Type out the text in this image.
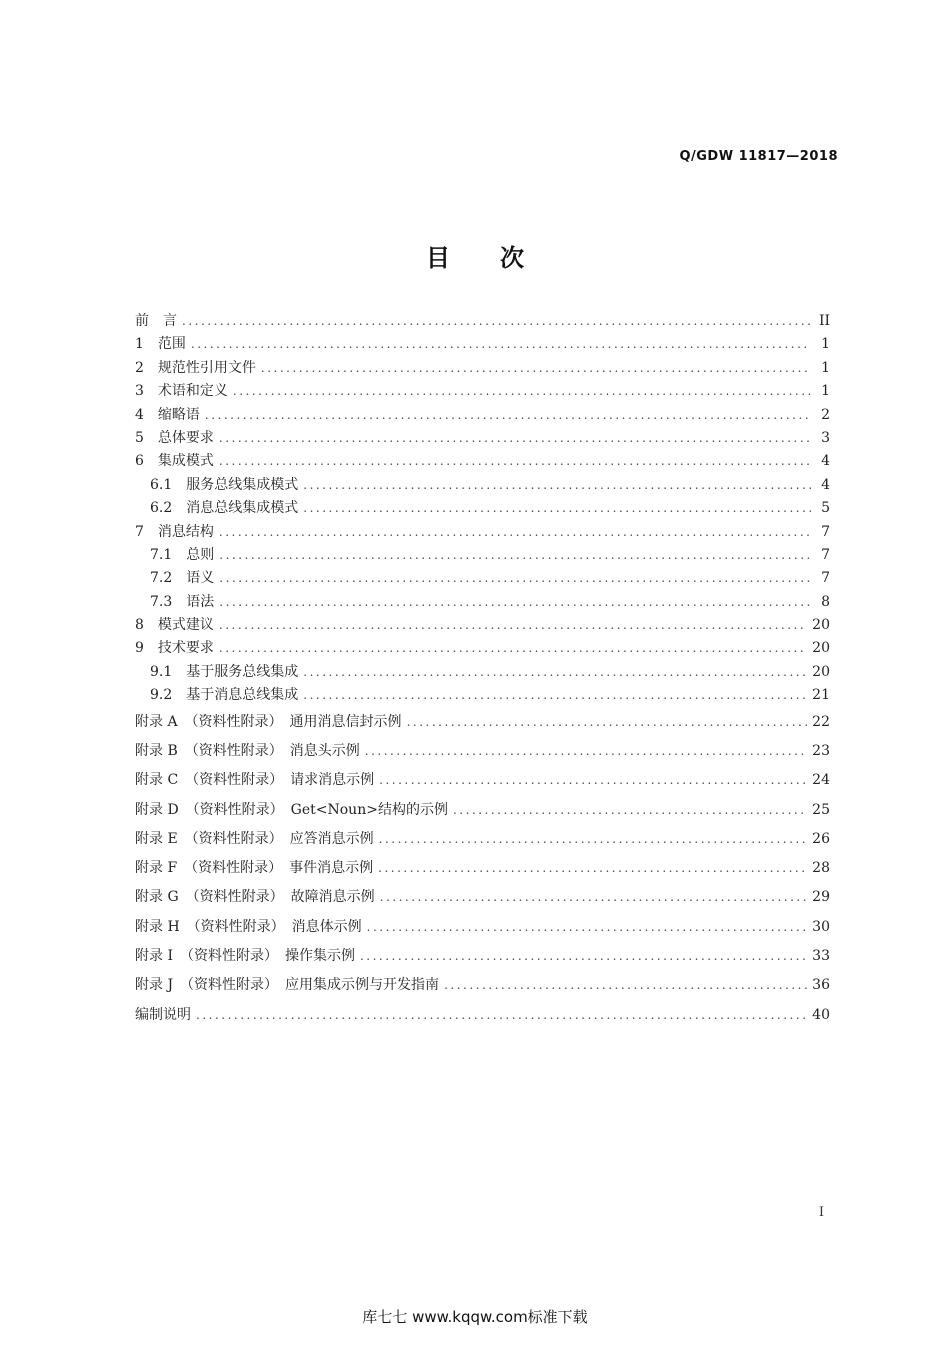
Q/GDW 11817—2018
目 次
前　言 .....	II
1　范围 .....	1
2　规范性引用文件 .....	1
3　术语和定义 .....	1
4　缩略语 .....	2
5　总体要求 .....	3
6　集成模式 .....	4
6.1　服务总线集成模式 .....	4
6.2　消息总线集成模式 .....	5
7　消息结构 .....	7
7.1　总则 .....	7
7.2　语义 .....	7
7.3　语法 .....	8
8　模式建议 .....	20
9　技术要求 .....	20
9.1　基于服务总线集成 .....	20
9.2　基于消息总线集成 .....	21
附录 A　（资料性附录）　通用消息信封示例 .....	22
附录 B　（资料性附录）　消息头示例 .....	23
附录 C　（资料性附录）　请求消息示例 .....	24
附录 D　（资料性附录）　Get<Noun>结构的示例 .....	25
附录 E　（资料性附录）　应答消息示例 .....	26
附录 F　（资料性附录）　事件消息示例 .....	28
附录 G　（资料性附录）　故障消息示例 .....	29
附录 H　（资料性附录）　消息体示例 .....	30
附录 I　（资料性附录）　操作集示例 .....	33
附录 J　（资料性附录）　应用集成示例与开发指南 .....	36
编制说明 .....	40
I
库七七 www.kqqw.com标准下载
